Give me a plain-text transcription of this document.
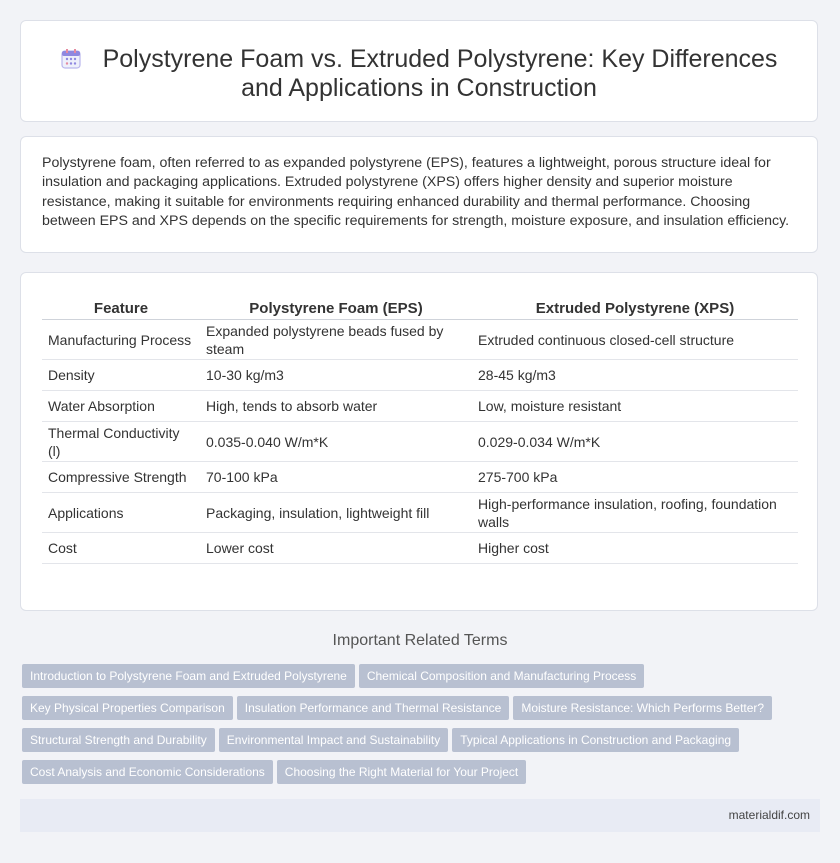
Polystyrene Foam vs. Extruded Polystyrene: Key Differences and Applications in Construction
Polystyrene foam, often referred to as expanded polystyrene (EPS), features a lightweight, porous structure ideal for insulation and packaging applications. Extruded polystyrene (XPS) offers higher density and superior moisture resistance, making it suitable for environments requiring enhanced durability and thermal performance. Choosing between EPS and XPS depends on the specific requirements for strength, moisture exposure, and insulation efficiency.
Feature	Polystyrene Foam (EPS)	Extruded Polystyrene (XPS)
Manufacturing Process	Expanded polystyrene beads fused by steam	Extruded continuous closed-cell structure
Density	10-30 kg/m3	28-45 kg/m3
Water Absorption	High, tends to absorb water	Low, moisture resistant
Thermal Conductivity (l)	0.035-0.040 W/m*K	0.029-0.034 W/m*K
Compressive Strength	70-100 kPa	275-700 kPa
Applications	Packaging, insulation, lightweight fill	High-performance insulation, roofing, foundation walls
Cost	Lower cost	Higher cost
Important Related Terms
Introduction to Polystyrene Foam and Extruded Polystyrene Chemical Composition and Manufacturing Process
Key Physical Properties Comparison Insulation Performance and Thermal Resistance Moisture Resistance: Which Performs Better?
Structural Strength and Durability Environmental Impact and Sustainability Typical Applications in Construction and Packaging
Cost Analysis and Economic Considerations Choosing the Right Material for Your Project
materialdif.com
